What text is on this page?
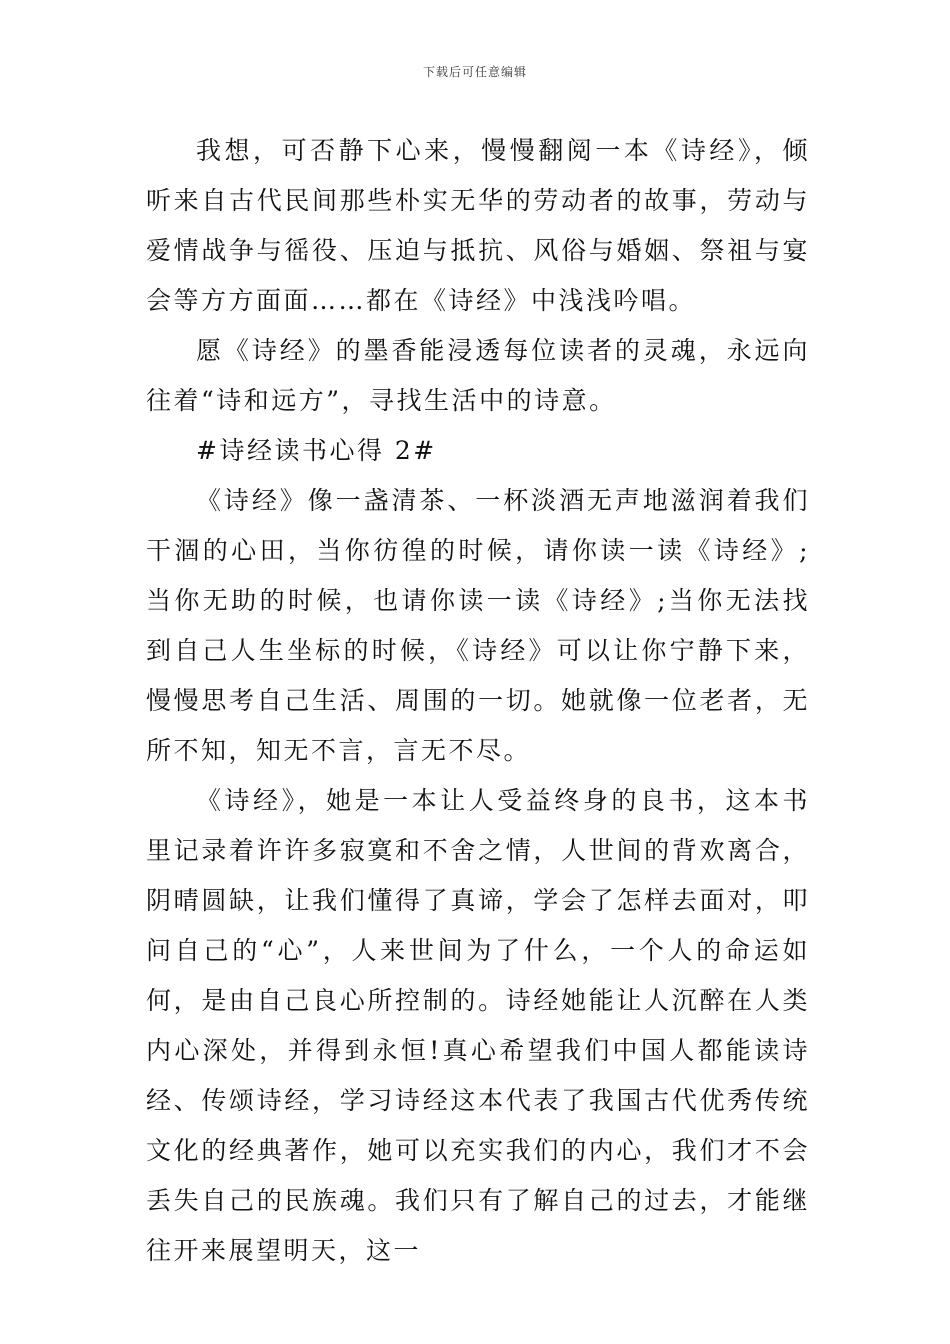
下载后可任意编辑

我想，可否静下心来，慢慢翻阅一本《诗经》，倾听来自古代民间那些朴实无华的劳动者的故事，劳动与爱情战争与徭役、压迫与抵抗、风俗与婚姻、祭祖与宴会等方方面面……都在《诗经》中浅浅吟唱。

愿《诗经》的墨香能浸透每位读者的灵魂，永远向往着“诗和远方”，寻找生活中的诗意。

#诗经读书心得 2#

《诗经》像一盏清茶、一杯淡酒无声地滋润着我们干涸的心田，当你彷徨的时候，请你读一读《诗经》;当你无助的时候，也请你读一读《诗经》;当你无法找到自己人生坐标的时候，《诗经》可以让你宁静下来，慢慢思考自己生活、周围的一切。她就像一位老者，无所不知，知无不言，言无不尽。

《诗经》，她是一本让人受益终身的良书，这本书里记录着许许多寂寞和不舍之情，人世间的背欢离合，阴晴圆缺，让我们懂得了真谛，学会了怎样去面对，叩问自己的“心”，人来世间为了什么，一个人的命运如何，是由自己良心所控制的。诗经她能让人沉醉在人类内心深处，并得到永恒!真心希望我们中国人都能读诗经、传颂诗经，学习诗经这本代表了我国古代优秀传统文化的经典著作，她可以充实我们的内心，我们才不会丢失自己的民族魂。我们只有了解自己的过去，才能继往开来展望明天，这一
